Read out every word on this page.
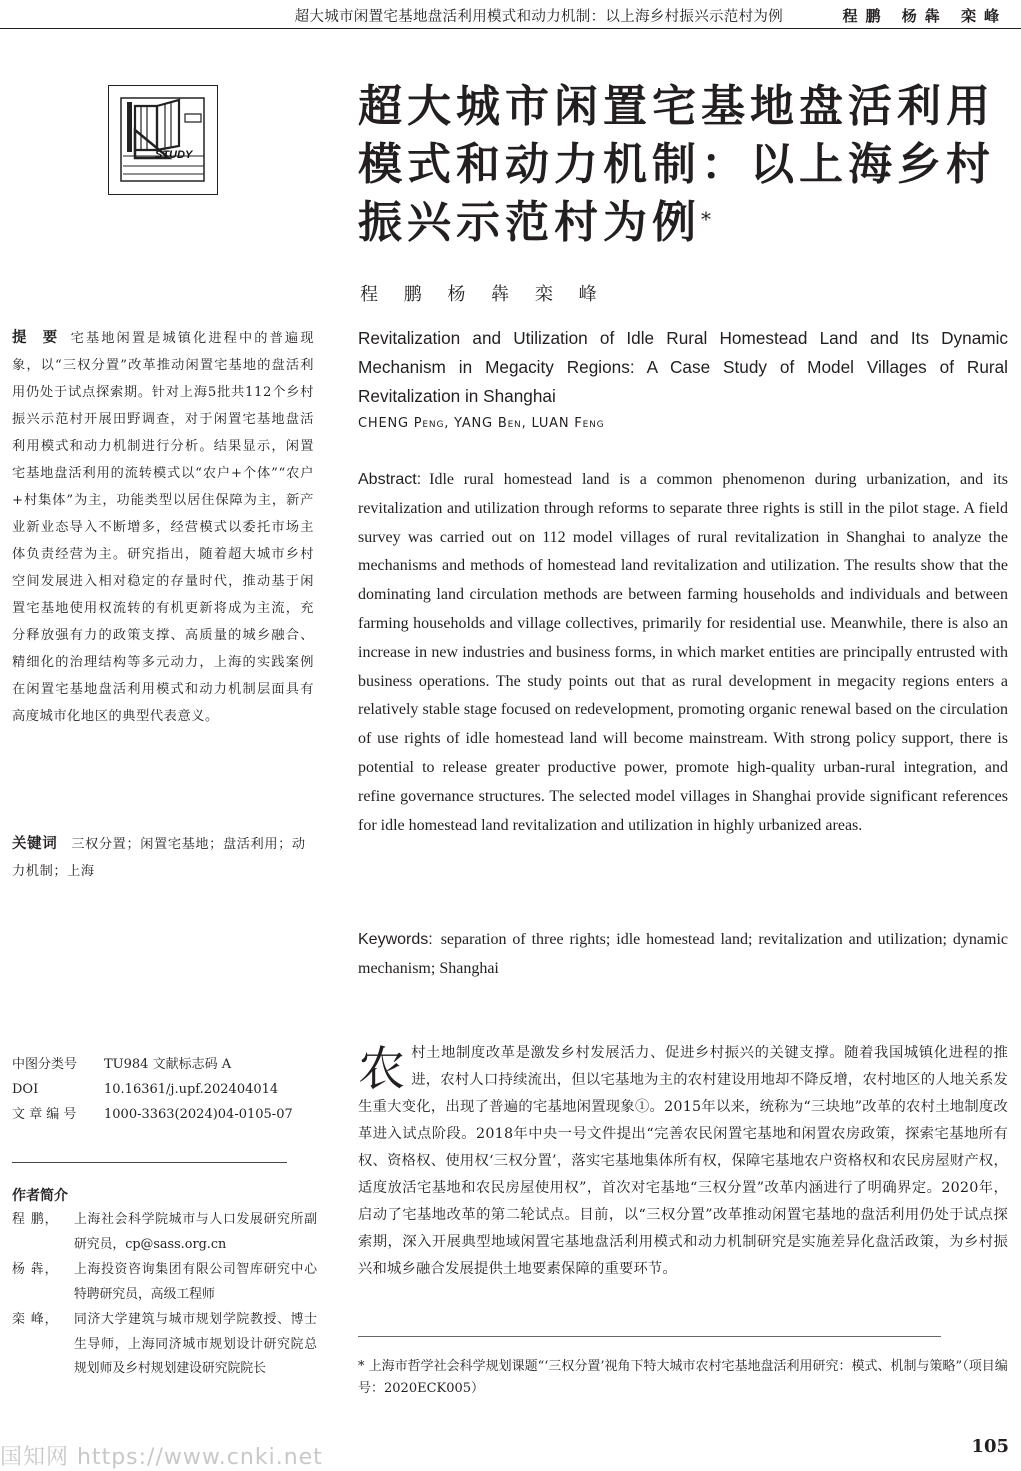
超大城市闲置宅基地盘活利用模式和动力机制：以上海乡村振兴示范村为例	程鹏 杨犇 栾峰
STUDY
超大城市闲置宅基地盘活利用模式和动力机制：以上海乡村振兴示范村为例*
程 鹏 杨 犇 栾 峰

提 要 宅基地闲置是城镇化进程中的普遍现象，以“三权分置”改革推动闲置宅基地的盘活利用仍处于试点探索期。针对上海5批共112个乡村振兴示范村开展田野调查，对于闲置宅基地盘活利用模式和动力机制进行分析。结果显示，闲置宅基地盘活利用的流转模式以“农户+个体”“农户+村集体”为主，功能类型以居住保障为主，新产业新业态导入不断增多，经营模式以委托市场主体负责经营为主。研究指出，随着超大城市乡村空间发展进入相对稳定的存量时代，推动基于闲置宅基地使用权流转的有机更新将成为主流，充分释放强有力的政策支撑、高质量的城乡融合、精细化的治理结构等多元动力，上海的实践案例在闲置宅基地盘活利用模式和动力机制层面具有高度城市化地区的典型代表意义。

关键词 三权分置；闲置宅基地；盘活利用；动力机制；上海

Revitalization and Utilization of Idle Rural Homestead Land and Its Dynamic Mechanism in Megacity Regions: A Case Study of Model Villages of Rural Revitalization in Shanghai

CHENG Peng, YANG Ben, LUAN Feng

Abstract: Idle rural homestead land is a common phenomenon during urbanization, and its revitalization and utilization through reforms to separate three rights is still in the pilot stage. A field survey was carried out on 112 model villages of rural revitalization in Shanghai to analyze the mechanisms and methods of homestead land revitalization and utilization. The results show that the dominating land circulation methods are between farming households and individuals and between farming households and village collectives, primarily for residential use. Meanwhile, there is also an increase in new industries and business forms, in which market entities are principally entrusted with business operations. The study points out that as rural development in megacity regions enters a relatively stable stage focused on redevelopment, promoting organic renewal based on the circulation of use rights of idle homestead land will become mainstream. With strong policy support, there is potential to release greater productive power, promote high-quality urban-rural integration, and refine governance structures. The selected model villages in Shanghai provide significant references for idle homestead land revitalization and utilization in highly urbanized areas.

Keywords: separation of three rights; idle homestead land; revitalization and utilization; dynamic mechanism; Shanghai

中图分类号 TU984 文献标志码 A
DOI	10.16361/j.upf.202404014
文 章 编 号 1000-3363(2024)04-0105-07
作者简介
程 鹏，	上海社会科学院城市与人口发展研究所副研究员，cp@sass.org.cn
杨 犇，	上海投资咨询集团有限公司智库研究中心特聘研究员，高级工程师
栾 峰，	同济大学建筑与城市规划学院教授、博士生导师，上海同济城市规划设计研究院总规划师及乡村规划建设研究院院长

农村土地制度改革是激发乡村发展活力、促进乡村振兴的关键支撑。随着我国城镇化进程的推进，农村人口持续流出，但以宅基地为主的农村建设用地却不降反增，农村地区的人地关系发生重大变化，出现了普遍的宅基地闲置现象①。2015年以来，统称为“三块地”改革的农村土地制度改革进入试点阶段。2018年中央一号文件提出“完善农民闲置宅基地和闲置农房政策，探索宅基地所有权、资格权、使用权‘三权分置’，落实宅基地集体所有权，保障宅基地农户资格权和农民房屋财产权，适度放活宅基地和农民房屋使用权”，首次对宅基地“三权分置”改革内涵进行了明确界定。2020年，启动了宅基地改革的第二轮试点。目前，以“三权分置”改革推动闲置宅基地的盘活利用仍处于试点探索期，深入开展典型地域闲置宅基地盘活利用模式和动力机制研究是实施差异化盘活政策，为乡村振兴和城乡融合发展提供土地要素保障的重要环节。

* 上海市哲学社会科学规划课题“‘三权分置’视角下特大城市农村宅基地盘活利用研究：模式、机制与策略”（项目编号：2020ECK005）
105
国知网 https://www.cnki.net
